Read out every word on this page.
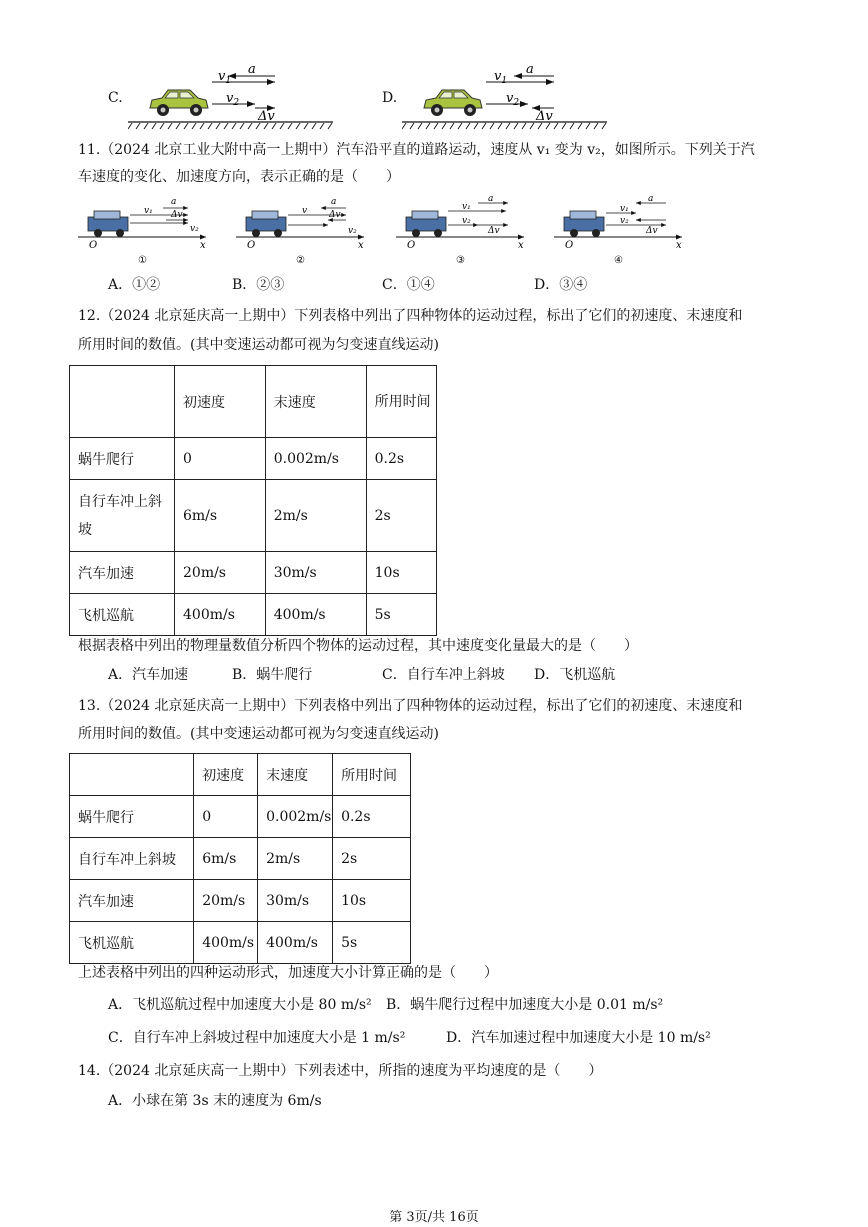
C.
$v_1$
a
$v_2$
Δv
D.
$v_1$
a
$v_2$
Δv
11.（2024 北京工业大附中高一上期中）汽车沿平直的道路运动，速度从 v₁ 变为 v₂，如图所示。下列关于汽
车速度的变化、加速度方向，表示正确的是（　　）
v₁
a
Δv
v₂
O	x
①
v
a
Δv
v₂
O	x
②
v₁
a
v₂
Δv
O	x
③
v₁
a
v₂
Δv
O	x
④
A．①②	B．②③	C．①④	D．③④
12.（2024 北京延庆高一上期中）下列表格中列出了四种物体的运动过程，标出了它们的初速度、末速度和
所用时间的数值。(其中变速运动都可视为匀变速直线运动)
	初速度	末速度	所用时间
蜗牛爬行	0	0.002m/s	0.2s
自行车冲上斜坡	6m/s	2m/s	2s
汽车加速	20m/s	30m/s	10s
飞机巡航	400m/s	400m/s	5s
根据表格中列出的物理量数值分析四个物体的运动过程，其中速度变化量最大的是（　　）
A．汽车加速	B．蜗牛爬行	C．自行车冲上斜坡 D．飞机巡航
13.（2024 北京延庆高一上期中）下列表格中列出了四种物体的运动过程，标出了它们的初速度、末速度和
所用时间的数值。(其中变速运动都可视为匀变速直线运动)
	初速度	末速度	所用时间
蜗牛爬行	0	0.002m/s	0.2s
自行车冲上斜坡	6m/s	2m/s	2s
汽车加速	20m/s	30m/s	10s
飞机巡航	400m/s	400m/s	5s
上述表格中列出的四种运动形式，加速度大小计算正确的是（　　）
A．飞机巡航过程中加速度大小是 80 m/s² B．蜗牛爬行过程中加速度大小是 0.01 m/s²
C．自行车冲上斜坡过程中加速度大小是 1 m/s²	D．汽车加速过程中加速度大小是 10 m/s²
14.（2024 北京延庆高一上期中）下列表述中，所指的速度为平均速度的是（　　）
A．小球在第 3s 末的速度为 6m/s
第 3页/共 16页
